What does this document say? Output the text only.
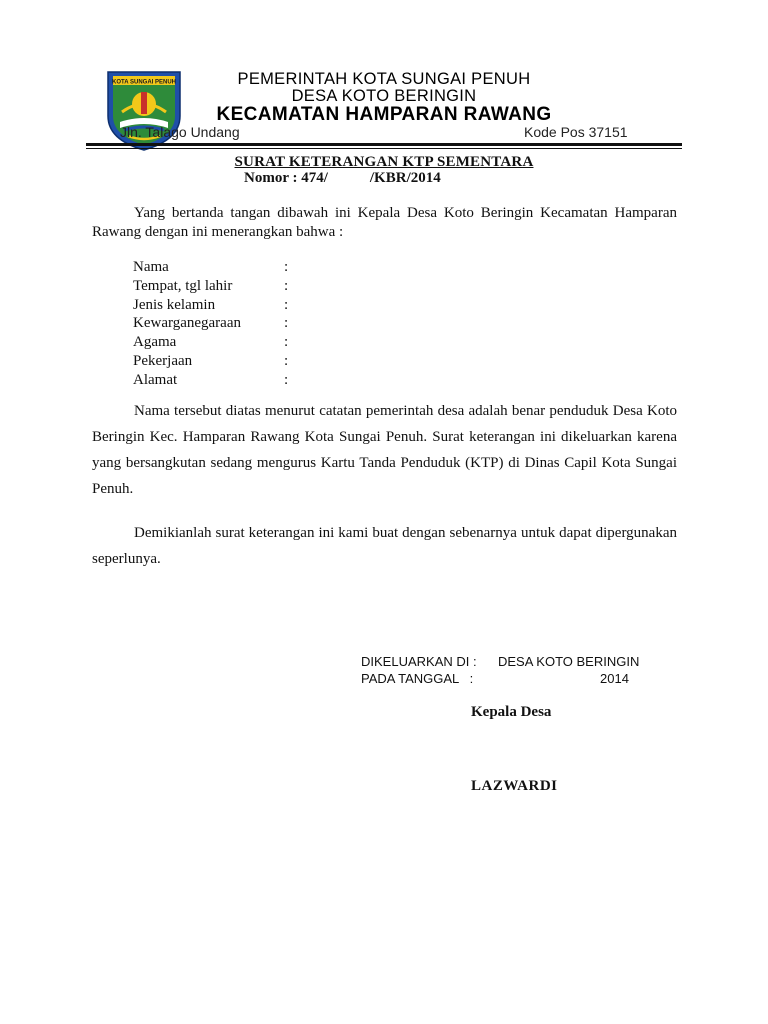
KOTA SUNGAI PENUH	PEMERINTAH KOTA SUNGAI PENUH
DESA KOTO BERINGIN
KECAMATAN HAMPARAN RAWANG
Jln. Talago Undang	Kode Pos 37151
SURAT KETERANGAN KTP SEMENTARA
Nomor : 474/	/KBR/2014
Yang bertanda tangan dibawah ini Kepala Desa Koto Beringin Kecamatan Hamparan Rawang dengan ini menerangkan bahwa :
Nama	:
Tempat, tgl lahir	:
Jenis kelamin	:
Kewarganegaraan	:
Agama	:
Pekerjaan	:
Alamat	:
Nama tersebut diatas menurut catatan pemerintah desa adalah benar penduduk Desa Koto Beringin Kec. Hamparan Rawang Kota Sungai Penuh. Surat keterangan ini dikeluarkan karena yang bersangkutan sedang mengurus Kartu Tanda Penduduk (KTP) di Dinas Capil Kota Sungai Penuh.
Demikianlah surat keterangan ini kami buat dengan sebenarnya untuk dapat dipergunakan seperlunya.
DIKELUARKAN DI : DESA KOTO BERINGIN
PADA TANGGAL   :	2014
Kepala Desa
LAZWARDI
